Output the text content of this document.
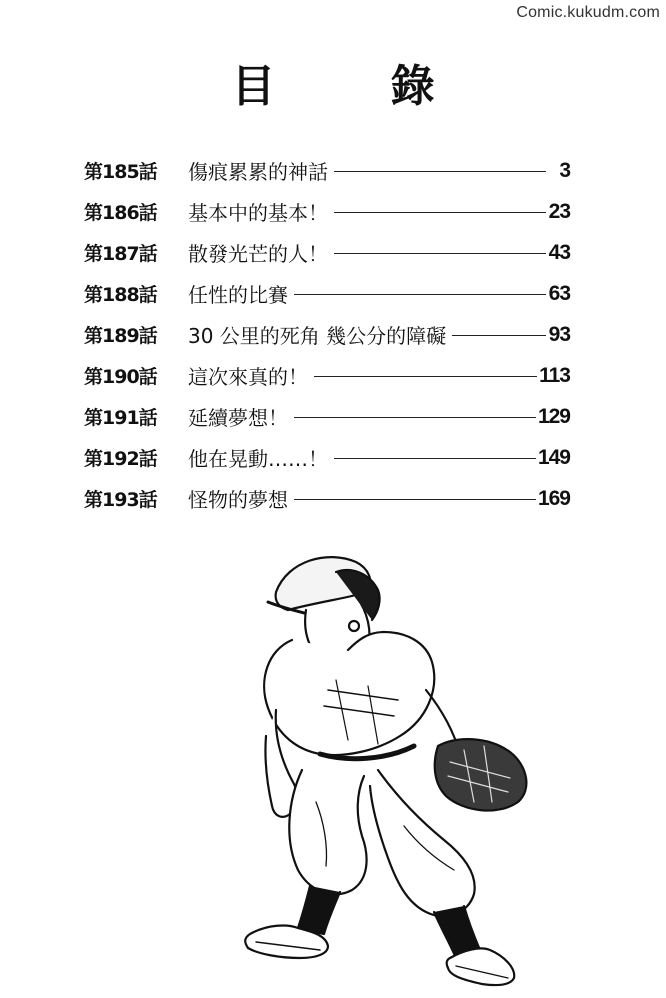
Comic.kukudm.com
目 錄
第185話	傷痕累累的神話	3
第186話	基本中的基本！	23
第187話	散發光芒的人！	43
第188話	任性的比賽	63
第189話	30 公里的死角 幾公分的障礙	93
第190話	這次來真的！	113
第191話	延續夢想！	129
第192話	他在晃動……！	149
第193話	怪物的夢想	169
